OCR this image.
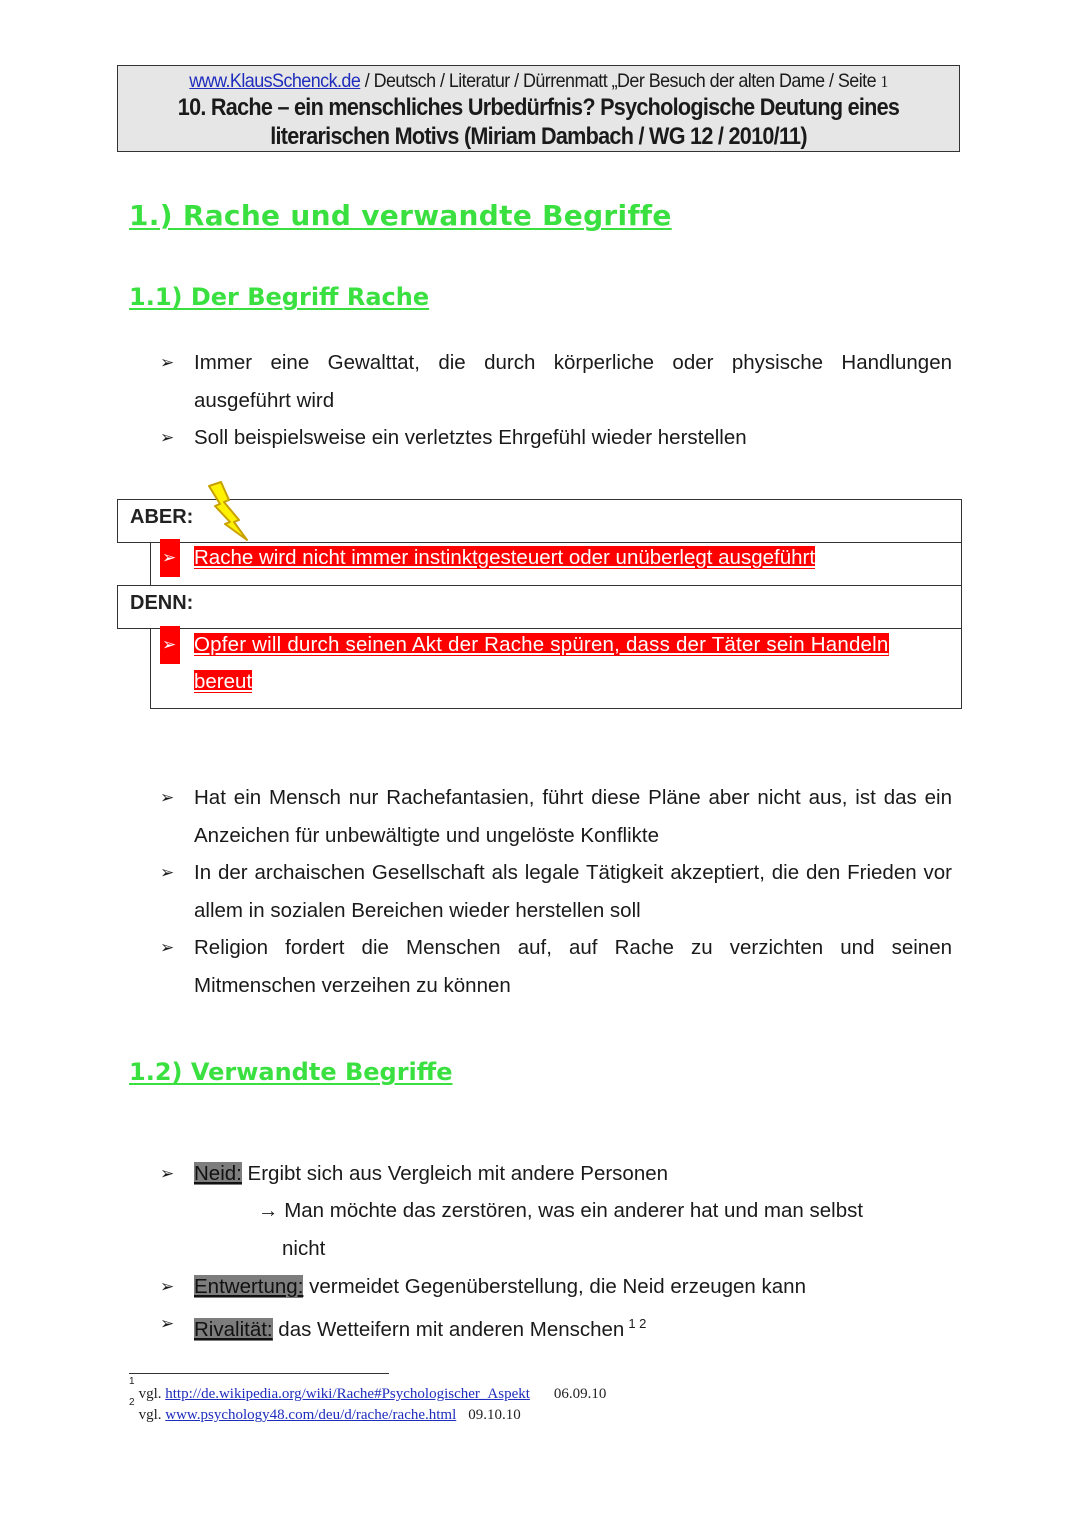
www.KlausSchenck.de / Deutsch / Literatur / Dürrenmatt „Der Besuch der alten Dame / Seite 1
10. Rache – ein menschliches Urbedürfnis? Psychologische Deutung eines
literarischen Motivs (Miriam Dambach / WG 12 / 2010/11)
1.) Rache und verwandte Begriffe
1.1) Der Begriff Rache
➢ Immer eine Gewalttat, die durch körperliche oder physische Handlungen ausgeführt wird
➢ Soll beispielsweise ein verletztes Ehrgefühl wieder herstellen
ABER:
➢ Rache wird nicht immer instinktgesteuert oder unüberlegt ausgeführt
DENN:
➢ Opfer will durch seinen Akt der Rache spüren, dass der Täter sein Handeln
bereut
➢ Hat ein Mensch nur Rachefantasien, führt diese Pläne aber nicht aus, ist das ein Anzeichen für unbewältigte und ungelöste Konflikte
➢ In der archaischen Gesellschaft als legale Tätigkeit akzeptiert, die den Frieden vor allem in sozialen Bereichen wieder herstellen soll
➢ Religion fordert die Menschen auf, auf Rache zu verzichten und seinen Mitmenschen verzeihen zu können
1.2) Verwandte Begriffe
➢ Neid: Ergibt sich aus Vergleich mit andere Personen
→ Man möchte das zerstören, was ein anderer hat und man selbst
nicht
➢ Entwertung: vermeidet Gegenüberstellung, die Neid erzeugen kann
➢ Rivalität: das Wetteifern mit anderen Menschen $^{1 2}$
$^1$vgl. http://de.wikipedia.org/wiki/Rache#Psychologischer_Aspekt 06.09.10
$^2$vgl. www.psychology48.com/deu/d/rache/rache.html 09.10.10
